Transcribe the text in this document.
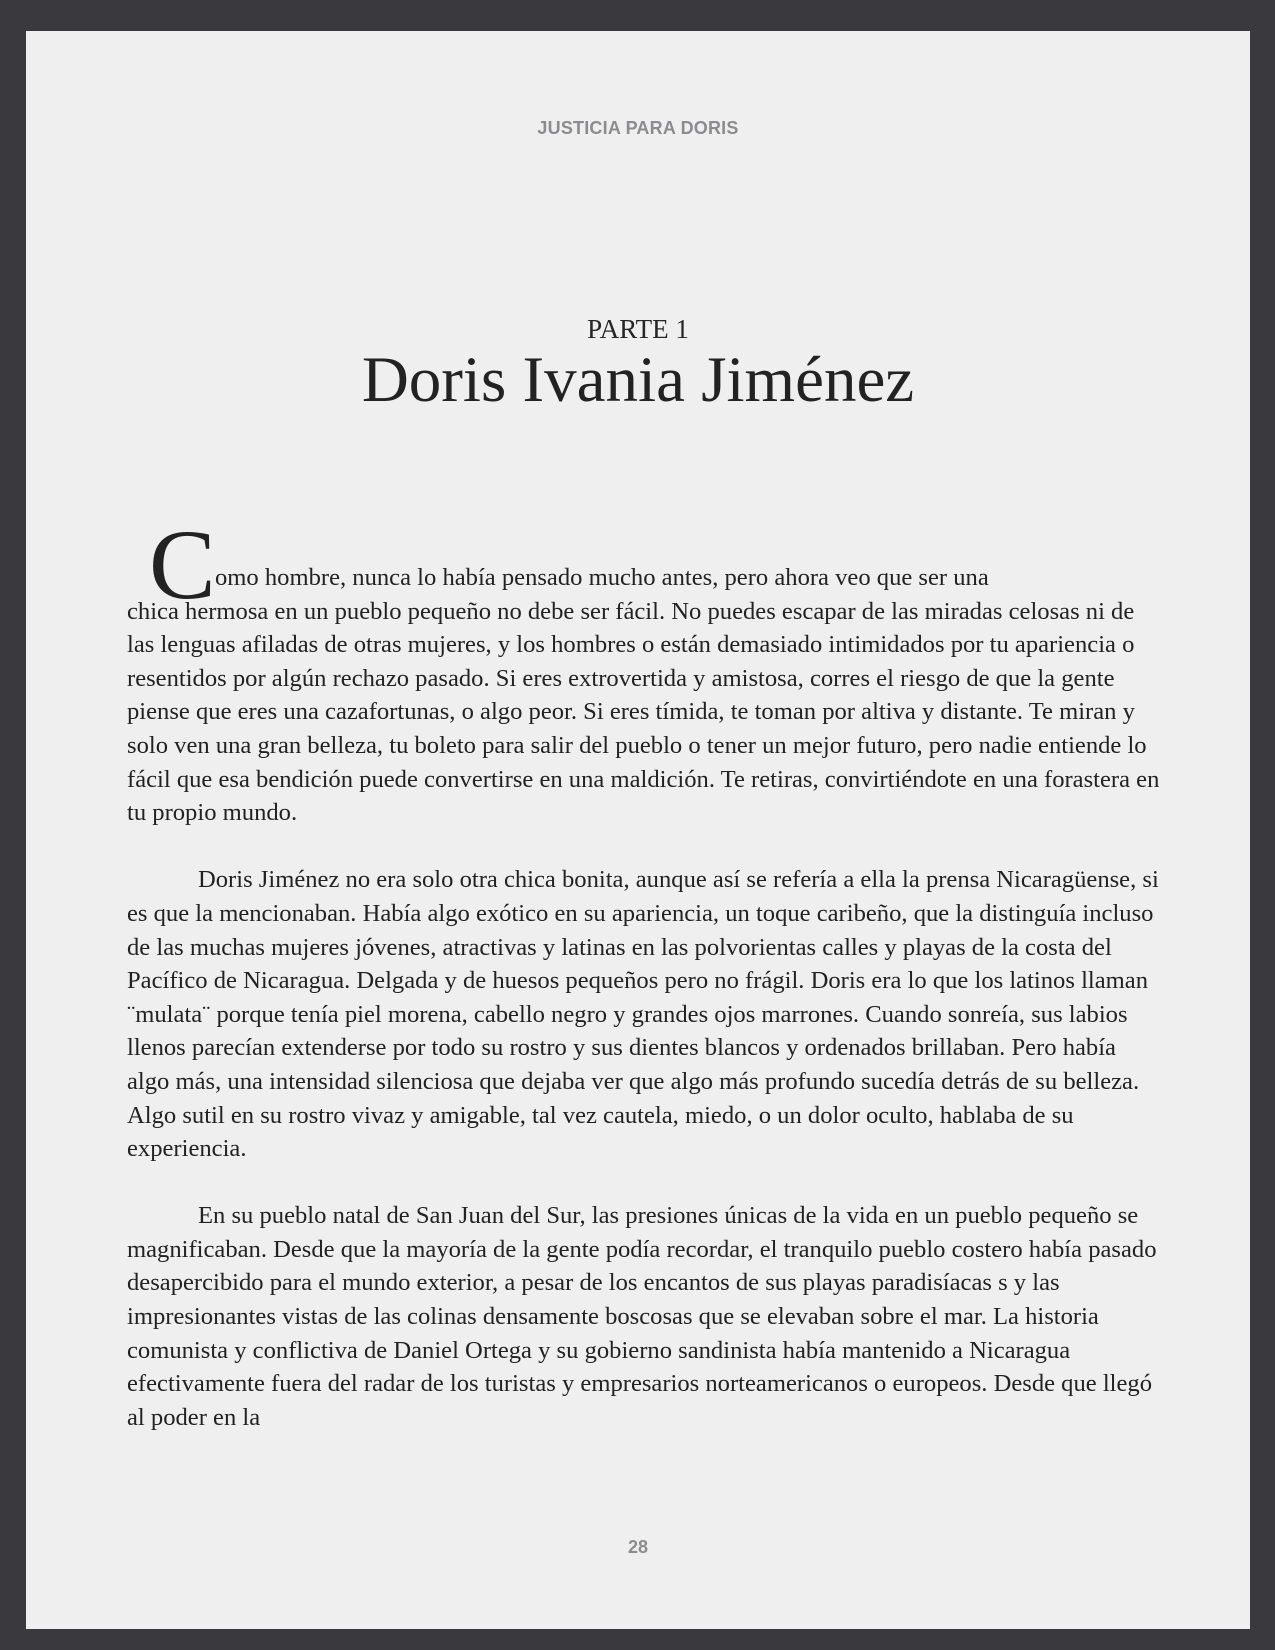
JUSTICIA PARA DORIS
PARTE 1
Doris Ivania Jiménez

C omo hombre, nunca lo había pensado mucho antes, pero ahora veo que ser una
chica hermosa en un pueblo pequeño no debe ser fácil. No puedes escapar de las miradas celosas ni de las lenguas afiladas de otras mujeres, y los hombres o están demasiado intimidados por tu apariencia o resentidos por algún rechazo pasado. Si eres extrovertida y amistosa, corres el riesgo de que la gente piense que eres una cazafortunas, o algo peor. Si eres tímida, te toman por altiva y distante. Te miran y solo ven una gran belleza, tu boleto para salir del pueblo o tener un mejor futuro, pero nadie entiende lo fácil que esa bendición puede convertirse en una maldición. Te retiras, convirtiéndote en una forastera en tu propio mundo.

Doris Jiménez no era solo otra chica bonita, aunque así se refería a ella la prensa Nicaragüense, si es que la mencionaban. Había algo exótico en su apariencia, un toque caribeño, que la distinguía incluso de las muchas mujeres jóvenes, atractivas y latinas en las polvorientas calles y playas de la costa del Pacífico de Nicaragua. Delgada y de huesos pequeños pero no frágil. Doris era lo que los latinos llaman ¨mulata¨ porque tenía piel morena, cabello negro y grandes ojos marrones. Cuando sonreía, sus labios llenos parecían extenderse por todo su rostro y sus dientes blancos y ordenados brillaban. Pero había algo más, una intensidad silenciosa que dejaba ver que algo más profundo sucedía detrás de su belleza. Algo sutil en su rostro vivaz y amigable, tal vez cautela, miedo, o un dolor oculto, hablaba de su experiencia.

En su pueblo natal de San Juan del Sur, las presiones únicas de la vida en un pueblo pequeño se magnificaban. Desde que la mayoría de la gente podía recordar, el tranquilo pueblo costero había pasado desapercibido para el mundo exterior, a pesar de los encantos de sus playas paradisíacas s y las impresionantes vistas de las colinas densamente boscosas que se elevaban sobre el mar. La historia comunista y conflictiva de Daniel Ortega y su gobierno sandinista había mantenido a Nicaragua efectivamente fuera del radar de los turistas y empresarios norteamericanos o europeos. Desde que llegó al poder en la

28
